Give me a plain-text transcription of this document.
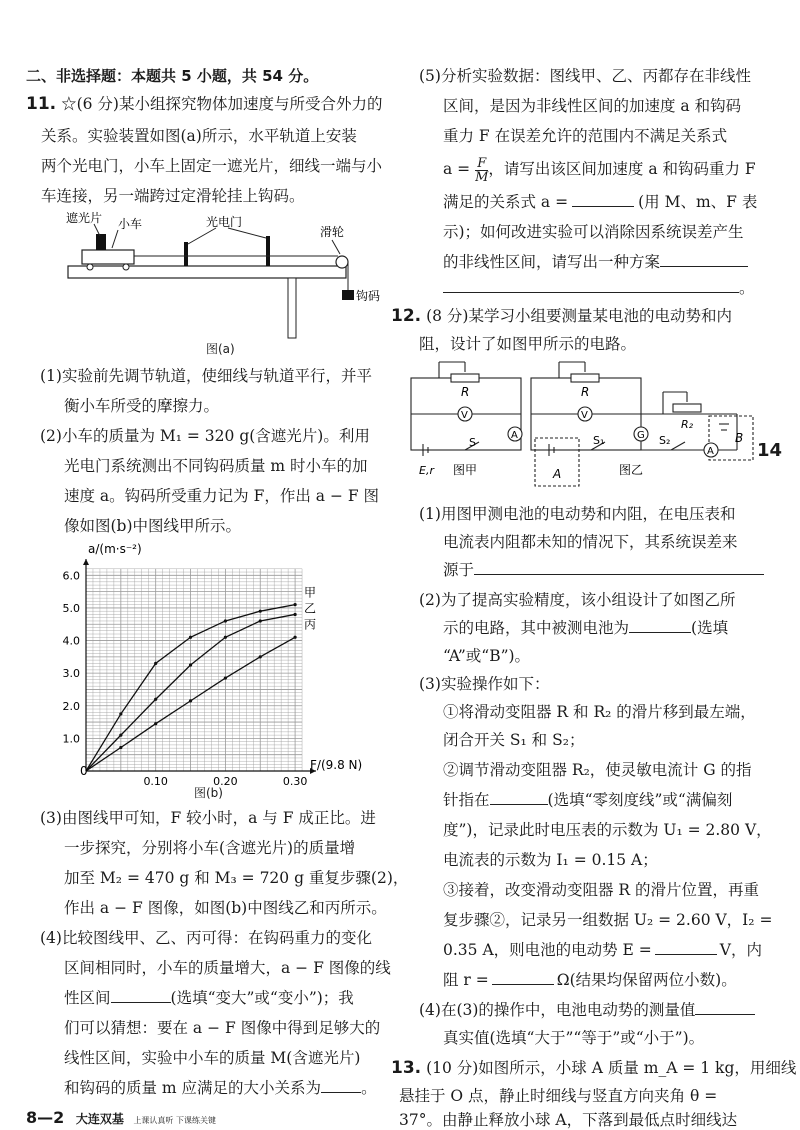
二、非选择题：本题共 5 小题，共 54 分。
11. ☆(6 分)某小组探究物体加速度与所受合外力的
关系。实验装置如图(a)所示，水平轨道上安装
两个光电门，小车上固定一遮光片，细线一端与小
车连接，另一端跨过定滑轮挂上钩码。
遮光片 小车	光电门
滑轮
钩码
图(a)
(1)实验前先调节轨道，使细线与轨道平行，并平
衡小车所受的摩擦力。
(2)小车的质量为 M₁ = 320 g(含遮光片)。利用
光电门系统测出不同钩码质量 m 时小车的加
速度 a。钩码所受重力记为 F，作出 a − F 图
像如图(b)中图线甲所示。
1.0
2.0
3.0
4.0
5.0
6.0
0.10	0.20	0.30
甲
乙
丙
a/(m·s⁻²)
F/(9.8 N)
0
图(b)
(3)由图线甲可知，F 较小时，a 与 F 成正比。进
一步探究，分别将小车(含遮光片)的质量增
加至 M₂ = 470 g 和 M₃ = 720 g 重复步骤(2)，
作出 a − F 图像，如图(b)中图线乙和丙所示。
(4)比较图线甲、乙、丙可得：在钩码重力的变化
区间相同时，小车的质量增大，a − F 图像的线
性区间	(选填“变大”或“变小”)；我
们可以猜想：要在 a − F 图像中得到足够大的
线性区间，实验中小车的质量 M(含遮光片)
和钩码的质量 m 应满足的大小关系为	。
(5)分析实验数据：图线甲、乙、丙都存在非线性
区间，是因为非线性区间的加速度 a 和钩码
重力 F 在误差允许的范围内不满足关系式
$a = \frac{F}{M}$ ，请写出该区间加速度 a 和钩码重力 F
满足的关系式 a =	(用 M、m、F 表
示)；如何改进实验可以消除因系统误差产生
的非线性区间，请写出一种方案
。
12. (8 分)某学习小组要测量某电池的电动势和内
阻，设计了如图甲所示的电路。
V
A
V
G
A
R	R
R₂
S	S₁	S₂
E,r	A
B
图甲	图乙
(1)用图甲测电池的电动势和内阻，在电压表和
电流表内阻都未知的情况下，其系统误差来
源于
(2)为了提高实验精度，该小组设计了如图乙所
示的电路，其中被测电池为	(选填
“A”或“B”)。
(3)实验操作如下：
①将滑动变阻器 R 和 R₂ 的滑片移到最左端，
闭合开关 S₁ 和 S₂；
②调节滑动变阻器 R₂，使灵敏电流计 G 的指
针指在	(选填“零刻度线”或“满偏刻
度”)，记录此时电压表的示数为 U₁ = 2.80 V，
电流表的示数为 I₁ = 0.15 A；
③接着，改变滑动变阻器 R 的滑片位置，再重
复步骤②，记录另一组数据 U₂ = 2.60 V，I₂ =
0.35 A，则电池的电动势 E =	V，内
阻 r =	Ω(结果均保留两位小数)。
(4)在(3)的操作中，电池电动势的测量值
真实值(选填“大于”“等于”或“小于”)。
13. (10 分)如图所示，小球 A 质量 m_A = 1 kg，用细线
悬挂于 O 点，静止时细线与竖直方向夹角 θ =
37°。由静止释放小球 A，下落到最低点时细线达
14
8—2 大连双基 上课认真听 下课练关键
